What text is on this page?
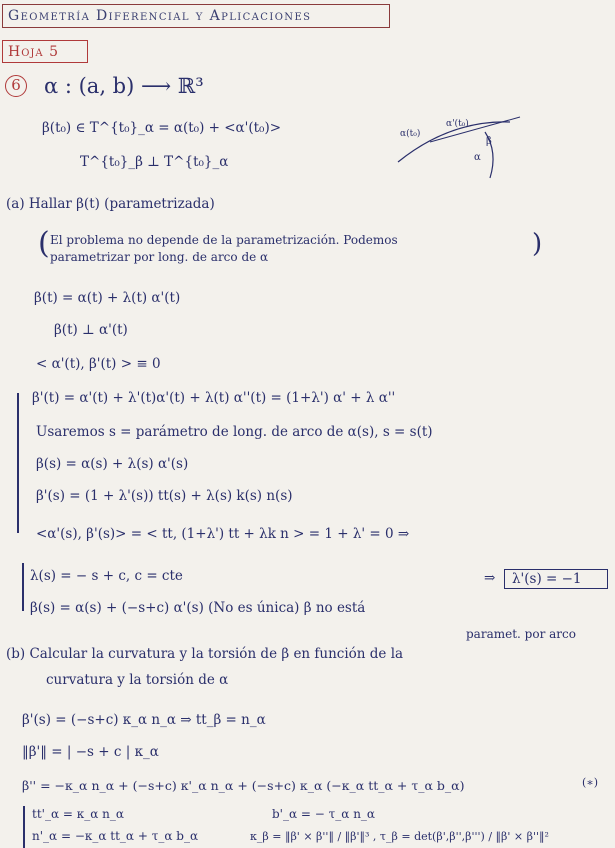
Geometría Diferencial y Aplicaciones
Hoja 5
6 α : (a, b) ⟶ ℝ³
β(t₀) ∈ T^{t₀}_α = α(t₀) + <α'(t₀)>
T^{t₀}_β ⊥ T^{t₀}_α
α(t₀)
α'(t₀)
β
α
(a) Hallar β(t) (parametrizada)
( El problema no depende de la parametrización. Podemos
parametrizar por long. de arco de α	)
β(t) = α(t) + λ(t) α'(t)
β(t) ⊥ α'(t)
< α'(t), β'(t) > ≡ 0
β'(t) = α'(t) + λ'(t)α'(t) + λ(t) α''(t) = (1+λ') α' + λ α''
Usaremos s = parámetro de long. de arco de α(s), s = s(t)
β(s) = α(s) + λ(s) α'(s)
β'(s) = (1 + λ'(s)) tt(s) + λ(s) k(s) n(s)
<α'(s), β'(s)> = < tt, (1+λ') tt + λk n > = 1 + λ' = 0 ⇒
λ(s) = − s + c, c = cte	⇒ λ'(s) = −1
β(s) = α(s) + (−s+c) α'(s) (No es única) β no está
paramet. por arco
(b) Calcular la curvatura y la torsión de β en función de la
curvatura y la torsión de α
β'(s) = (−s+c) κ_α n_α ⇒ tt_β = n_α
‖β'‖ = | −s + c | κ_α
β'' = −κ_α n_α + (−s+c) κ'_α n_α + (−s+c) κ_α (−κ_α tt_α + τ_α b_α)	(∗)
tt'_α = κ_α n_α	b'_α = − τ_α n_α
n'_α = −κ_α tt_α + τ_α b_α	κ_β = ‖β' × β''‖ / ‖β'‖³ , τ_β = det(β',β'',β''') / ‖β' × β''‖²
